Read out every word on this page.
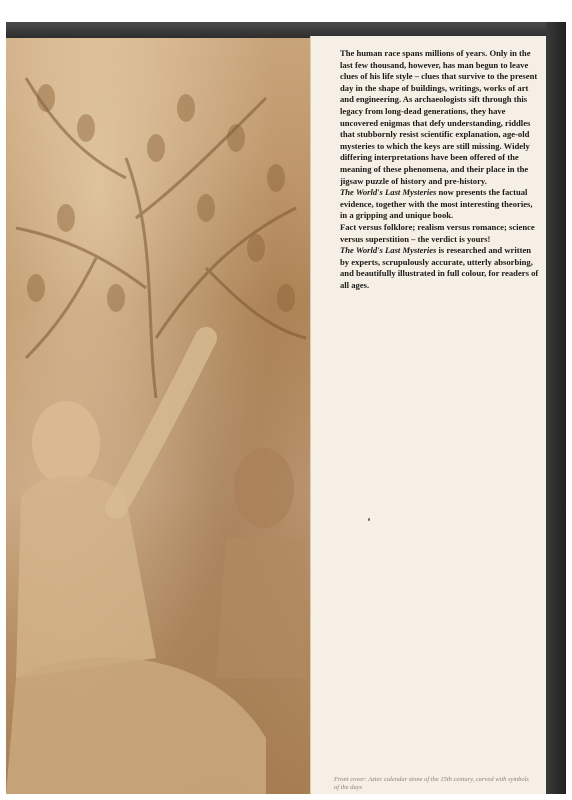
The human race spans millions of years. Only in the last few thousand, however, has man begun to leave clues of his life style – clues that survive to the present day in the shape of buildings, writings, works of art and engineering. As archaeologists sift through this legacy from long-dead generations, they have uncovered enigmas that defy understanding, riddles that stubbornly resist scientific explanation, age-old mysteries to which the keys are still missing. Widely differing interpretations have been offered of the meaning of these phenomena, and their place in the jigsaw puzzle of history and pre-history.

The World's Last Mysteries now presents the factual evidence, together with the most interesting theories, in a gripping and unique book.

Fact versus folklore; realism versus romance; science versus superstition – the verdict is yours!

The World's Last Mysteries is researched and written by experts, scrupulously accurate, utterly absorbing, and beautifully illustrated in full colour, for readers of all ages.

Front cover: Aztec calendar stone of the 15th century, carved with symbols of the days
